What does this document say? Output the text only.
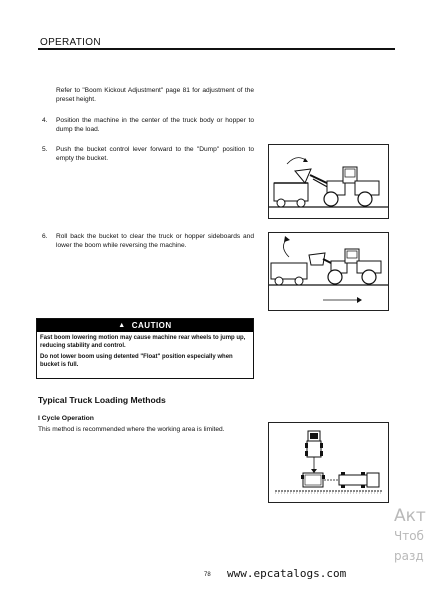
OPERATION
Refer to "Boom Kickout Adjustment" page 81 for adjustment of the preset height.
4. Position the machine in the center of the truck body or hopper to dump the load.
5. Push the bucket control lever forward to the "Dump" position to empty the bucket.
6. Roll back the bucket to clear the truck or hopper sideboards and lower the boom while reversing the machine.
▲ CAUTION

Fast boom lowering motion may cause machine rear wheels to jump up, reducing stability and control.

Do not lower boom using detented "Float" position especially when bucket is full.

Typical Truck Loading Methods
I Cycle Operation
This method is recommended where the working area is limited.
Акт
Чтоб
разд
78 www.epcatalogs.com
